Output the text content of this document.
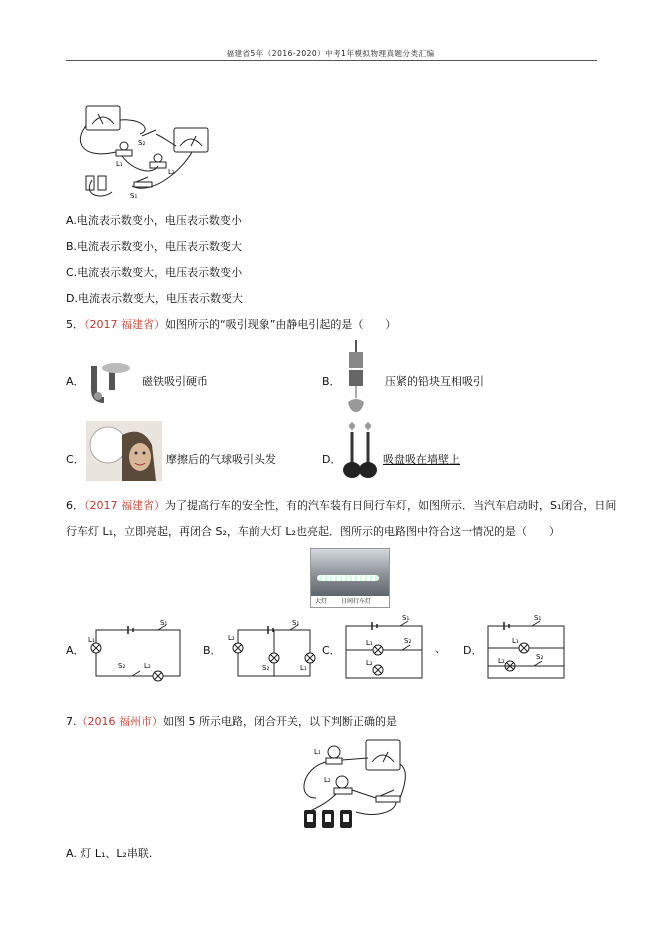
福建省5年（2016-2020）中考1年模拟物理真题分类汇编
S₂
L₁
L₂
S₁
A.电流表示数变小，电压表示数变小
B.电流表示数变小，电压表示数变大
C.电流表示数变大，电压表示数变小
D.电流表示数变大，电压表示数变大
5．（2017 福建省）如图所示的“吸引现象”由静电引起的是（　　）
A．	磁铁吸引硬币	B．	压紧的铅块互相吸引
C．	摩擦后的气球吸引头发	D．	吸盘吸在墙壁上
6．（2017 福建省）为了提高行车的安全性，有的汽车装有日间行车灯，如图所示．当汽车启动时，S₁闭合，日间
行车灯 L₁，立即亮起，再闭合 S₂，车前大灯 L₂也亮起．图所示的电路图中符合这一情况的是（　　）
大灯 日间行车灯
A．
S₁
L₁
S₂	L₂
B．
S₁
L₂
S₂	L₁
C．
S₁
L₁	S₂
L₂
、 D．
S₁
L₁
L₂	S₂
7.（2016 福州市）如图 5 所示电路，闭合开关，以下判断正确的是
L₁
L₂
A. 灯 L₁、L₂串联.
